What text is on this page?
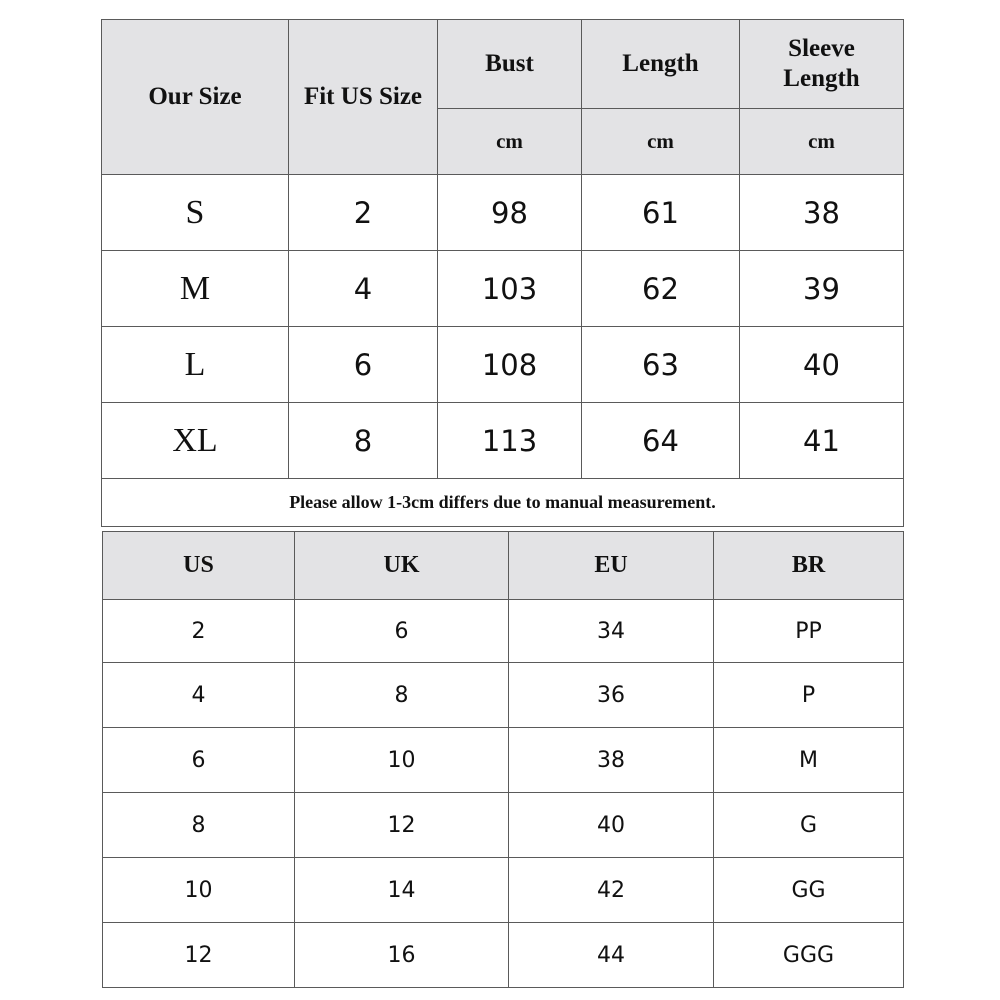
Our Size	Fit US Size	Bust	Length	Sleeve
Length
		cm	cm	cm
S	2	98	61	38
M	4	103	62	39
L	6	108	63	40
XL	8	113	64	41
Please allow 1-3cm differs due to manual measurement.				
US	UK	EU	BR
2	6	34	PP
4	8	36	P
6	10	38	M
8	12	40	G
10	14	42	GG
12	16	44	GGG
